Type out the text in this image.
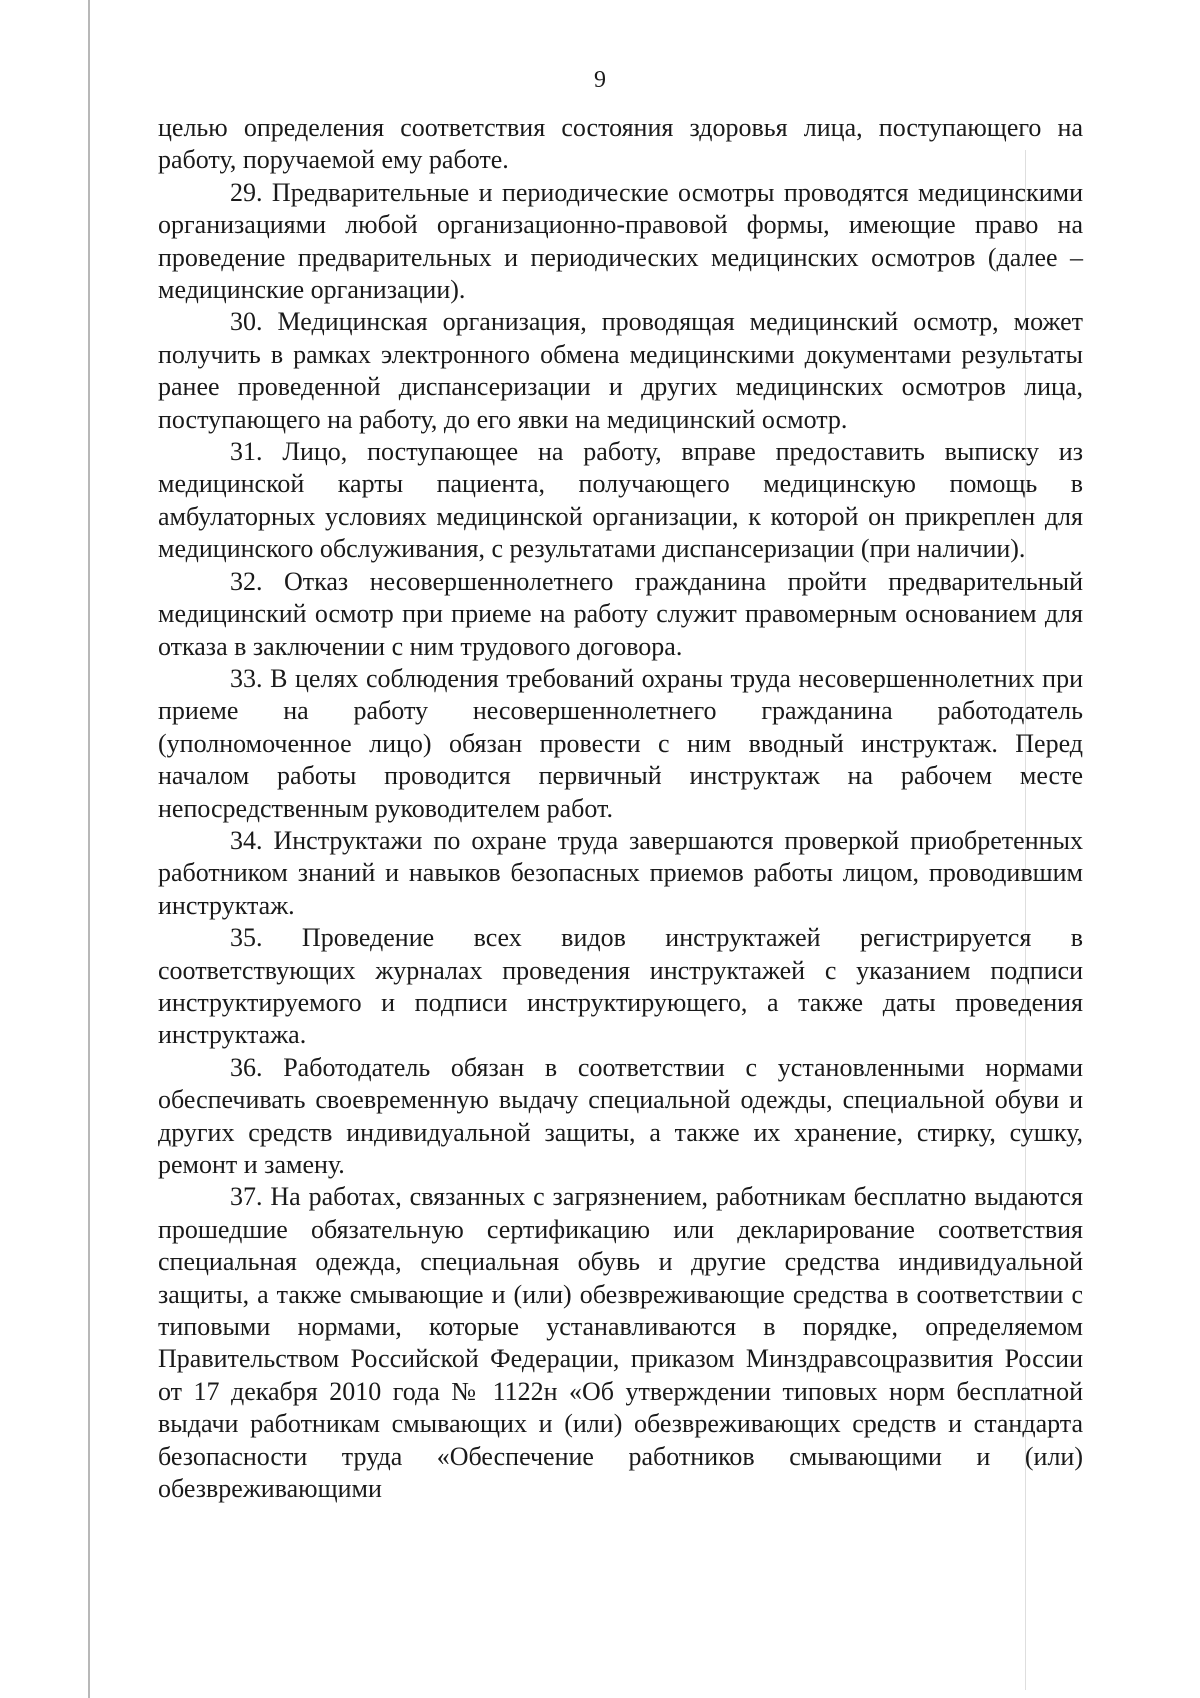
9

целью определения соответствия состояния здоровья лица, поступающего на работу, поручаемой ему работе.

29. Предварительные и периодические осмотры проводятся медицинскими организациями любой организационно-правовой формы, имеющие право на проведение предварительных и периодических медицинских осмотров (далее – медицинские организации).

30. Медицинская организация, проводящая медицинский осмотр, может получить в рамках электронного обмена медицинскими документами результаты ранее проведенной диспансеризации и других медицинских осмотров лица, поступающего на работу, до его явки на медицинский осмотр.

31. Лицо, поступающее на работу, вправе предоставить выписку из медицинской карты пациента, получающего медицинскую помощь в амбулаторных условиях медицинской организации, к которой он прикреплен для медицинского обслуживания, с результатами диспансеризации (при наличии).

32. Отказ несовершеннолетнего гражданина пройти предварительный медицинский осмотр при приеме на работу служит правомерным основанием для отказа в заключении с ним трудового договора.

33. В целях соблюдения требований охраны труда несовершеннолетних при приеме на работу несовершеннолетнего гражданина работодатель (уполномоченное лицо) обязан провести с ним вводный инструктаж. Перед началом работы проводится первичный инструктаж на рабочем месте непосредственным руководителем работ.

34. Инструктажи по охране труда завершаются проверкой приобретенных работником знаний и навыков безопасных приемов работы лицом, проводившим инструктаж.

35. Проведение всех видов инструктажей регистрируется в соответствующих журналах проведения инструктажей с указанием подписи инструктируемого и подписи инструктирующего, а также даты проведения инструктажа.

36. Работодатель обязан в соответствии с установленными нормами обеспечивать своевременную выдачу специальной одежды, специальной обуви и других средств индивидуальной защиты, а также их хранение, стирку, сушку, ремонт и замену.

37. На работах, связанных с загрязнением, работникам бесплатно выдаются прошедшие обязательную сертификацию или декларирование соответствия специальная одежда, специальная обувь и другие средства индивидуальной защиты, а также смывающие и (или) обезвреживающие средства в соответствии с типовыми нормами, которые устанавливаются в порядке, определяемом Правительством Российской Федерации, приказом Минздравсоцразвития России от 17 декабря 2010 года № 1122н «Об утверждении типовых норм бесплатной выдачи работникам смывающих и (или) обезвреживающих средств и стандарта безопасности труда «Обеспечение работников смывающими и (или) обезвреживающими
